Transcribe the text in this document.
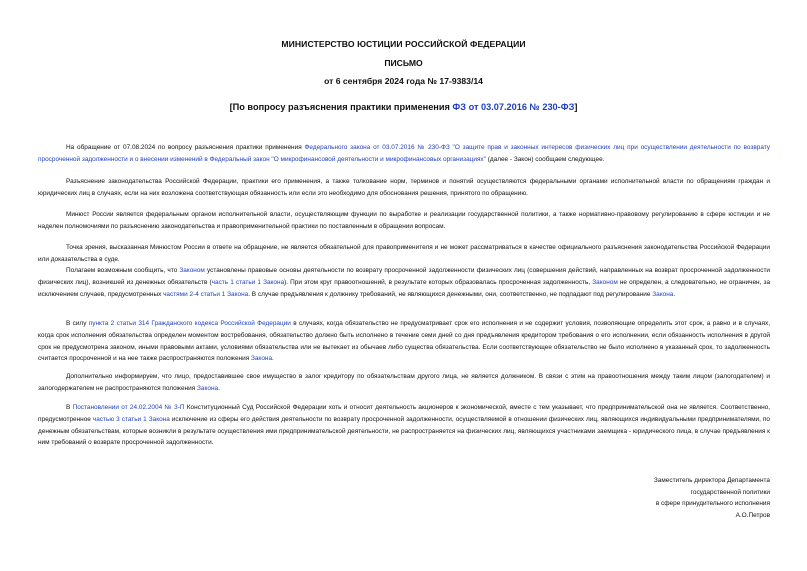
МИНИСТЕРСТВО ЮСТИЦИИ РОССИЙСКОЙ ФЕДЕРАЦИИ
ПИСЬМО
от 6 сентября 2024 года № 17-9383/14
[По вопросу разъяснения практики применения ФЗ от 03.07.2016 № 230-ФЗ]

На обращение от 07.08.2024 по вопросу разъяснения практики применения Федерального закона от 03.07.2016 № 230-ФЗ "О защите прав и законных интересов физических лиц при осуществлении деятельности по возврату просроченной задолженности и о внесении изменений в Федеральный закон "О микрофинансовой деятельности и микрофинансовых организациях" (далее - Закон) сообщаем следующее.

Разъяснение законодательства Российской Федерации, практики его применения, а также толкование норм, терминов и понятий осуществляются федеральными органами исполнительной власти по обращениям граждан и юридических лиц в случаях, если на них возложена соответствующая обязанность или если это необходимо для обоснования решения, принятого по обращению.

Минюст России является федеральным органом исполнительной власти, осуществляющим функции по выработке и реализации государственной политики, а также нормативно-правовому регулированию в сфере юстиции и не наделен полномочиями по разъяснению законодательства и правоприменительной практики по поставленным в обращении вопросам.

Точка зрения, высказанная Минюстом России в ответе на обращение, не является обязательной для правоприменителя и не может рассматриваться в качестве официального разъяснения законодательства Российской Федерации или доказательства в суде.

Полагаем возможным сообщить, что Законом установлены правовые основы деятельности по возврату просроченной задолженности физических лиц (совершения действий, направленных на возврат просроченной задолженности физических лиц), возникшей из денежных обязательств (часть 1 статьи 1 Закона). При этом круг правоотношений, в результате которых образовалась просроченная задолженность, Законом не определен, а следовательно, не ограничен, за исключением случаев, предусмотренных частями 2-4 статьи 1 Закона. В случае предъявления к должнику требований, не являющихся денежными, они, соответственно, не подпадают под регулирование Закона.

В силу пункта 2 статьи 314 Гражданского кодекса Российской Федерации в случаях, когда обязательство не предусматривает срок его исполнения и не содержит условия, позволяющие определить этот срок, а равно и в случаях, когда срок исполнения обязательства определен моментом востребования, обязательство должно быть исполнено в течение семи дней со дня предъявления кредитором требования о его исполнении, если обязанность исполнения в другой срок не предусмотрена законом, иными правовыми актами, условиями обязательства или не вытекает из обычаев либо существа обязательства. Если соответствующее обязательство не было исполнено в указанный срок, то задолженность считается просроченной и на нее также распространяются положения Закона.

Дополнительно информируем, что лицо, предоставившее свое имущество в залог кредитору по обязательствам другого лица, не является должником. В связи с этим на правоотношения между таким лицом (залогодателем) и залогодержателем не распространяются положения Закона.

В Постановлении от 24.02.2004 № 3-П Конституционный Суд Российской Федерации хоть и относит деятельность акционеров к экономической, вместе с тем указывает, что предпринимательской она не является. Соответственно, предусмотренное частью 3 статьи 1 Закона исключение из сферы его действия деятельности по возврату просроченной задолженности, осуществляемой в отношении физических лиц, являющихся индивидуальными предпринимателями, по денежным обязательствам, которые возникли в результате осуществления ими предпринимательской деятельности, не распространяется на физических лиц, являющихся участниками заемщика - юридического лица, в случае предъявления к ним требований о возврате просроченной задолженности.

Заместитель директора Департамента
государственной политики
в сфере принудительного исполнения
А.О.Петров
